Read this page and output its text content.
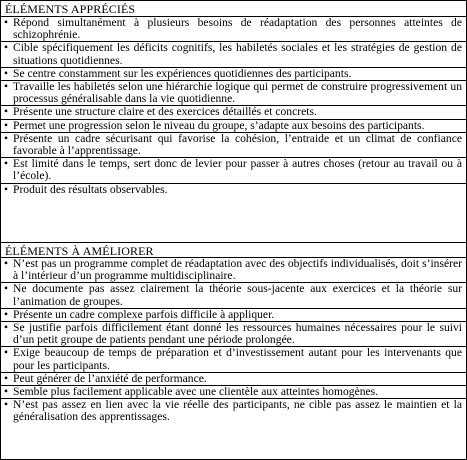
ÉLÉMENTS APPRÉCIÉS
• Répond simultanément à plusieurs besoins de réadaptation des personnes atteintes de schizophrénie.
• Cible spécifiquement les déficits cognitifs, les habiletés sociales et les stratégies de gestion de situations quotidiennes.
• Se centre constamment sur les expériences quotidiennes des participants.
• Travaille les habiletés selon une hiérarchie logique qui permet de construire progressivement un processus généralisable dans la vie quotidienne.
• Présente une structure claire et des exercices détaillés et concrets.
• Permet une progression selon le niveau du groupe, s’adapte aux besoins des participants.
• Présente un cadre sécurisant qui favorise la cohésion, l’entraide et un climat de confiance favorable à l’apprentissage.
• Est limité dans le temps, sert donc de levier pour passer à autres choses (retour au travail ou à l’école).
• Produit des résultats observables.
ÉLÉMENTS À AMÉLIORER
• N’est pas un programme complet de réadaptation avec des objectifs individualisés, doit s’insérer à l’intérieur d’un programme multidisciplinaire.
• Ne documente pas assez clairement la théorie sous-jacente aux exercices et la théorie sur l’animation de groupes.
• Présente un cadre complexe parfois difficile à appliquer.
• Se justifie parfois difficilement étant donné les ressources humaines nécessaires pour le suivi d’un petit groupe de patients pendant une période prolongée.
• Exige beaucoup de temps de préparation et d’investissement autant pour les intervenants que pour les participants.
• Peut générer de l’anxiété de performance.
• Semble plus facilement applicable avec une clientèle aux atteintes homogènes.
• N’est pas assez en lien avec la vie réelle des participants, ne cible pas assez le maintien et la généralisation des apprentissages.
